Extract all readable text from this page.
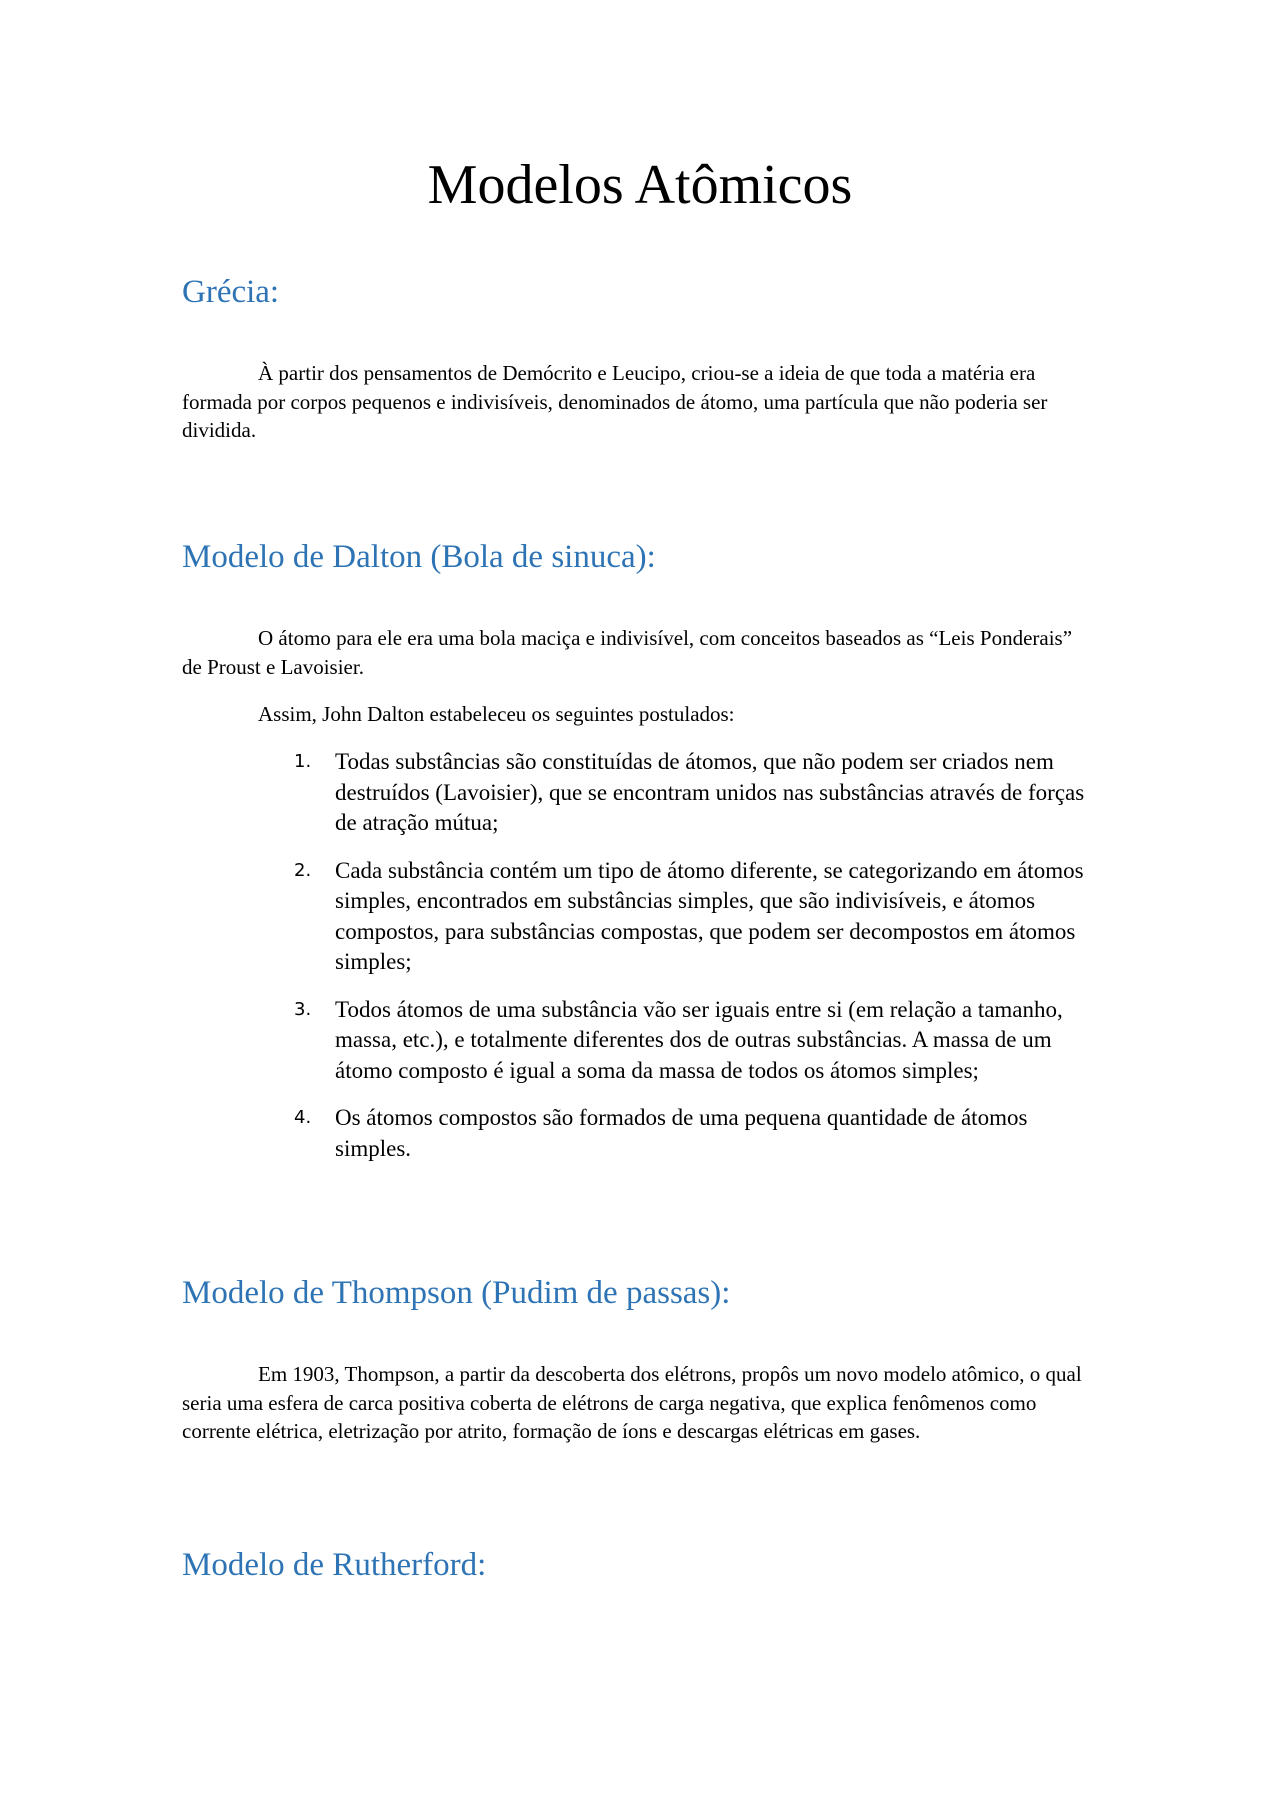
Modelos Atômicos
Grécia:

À partir dos pensamentos de Demócrito e Leucipo, criou-se a ideia de que toda a matéria era formada por corpos pequenos e indivisíveis, denominados de átomo, uma partícula que não poderia ser dividida.

Modelo de Dalton (Bola de sinuca):

O átomo para ele era uma bola maciça e indivisível, com conceitos baseados as “Leis Ponderais” de Proust e Lavoisier.

Assim, John Dalton estabeleceu os seguintes postulados:

1. Todas substâncias são constituídas de átomos, que não podem ser criados nem destruídos (Lavoisier), que se encontram unidos nas substâncias através de forças de atração mútua;
2. Cada substância contém um tipo de átomo diferente, se categorizando em átomos simples, encontrados em substâncias simples, que são indivisíveis, e átomos compostos, para substâncias compostas, que podem ser decompostos em átomos simples;
3. Todos átomos de uma substância vão ser iguais entre si (em relação a tamanho, massa, etc.), e totalmente diferentes dos de outras substâncias. A massa de um átomo composto é igual a soma da massa de todos os átomos simples;
4. Os átomos compostos são formados de uma pequena quantidade de átomos simples.
Modelo de Thompson (Pudim de passas):

Em 1903, Thompson, a partir da descoberta dos elétrons, propôs um novo modelo atômico, o qual seria uma esfera de carca positiva coberta de elétrons de carga negativa, que explica fenômenos como corrente elétrica, eletrização por atrito, formação de íons e descargas elétricas em gases.

Modelo de Rutherford:
